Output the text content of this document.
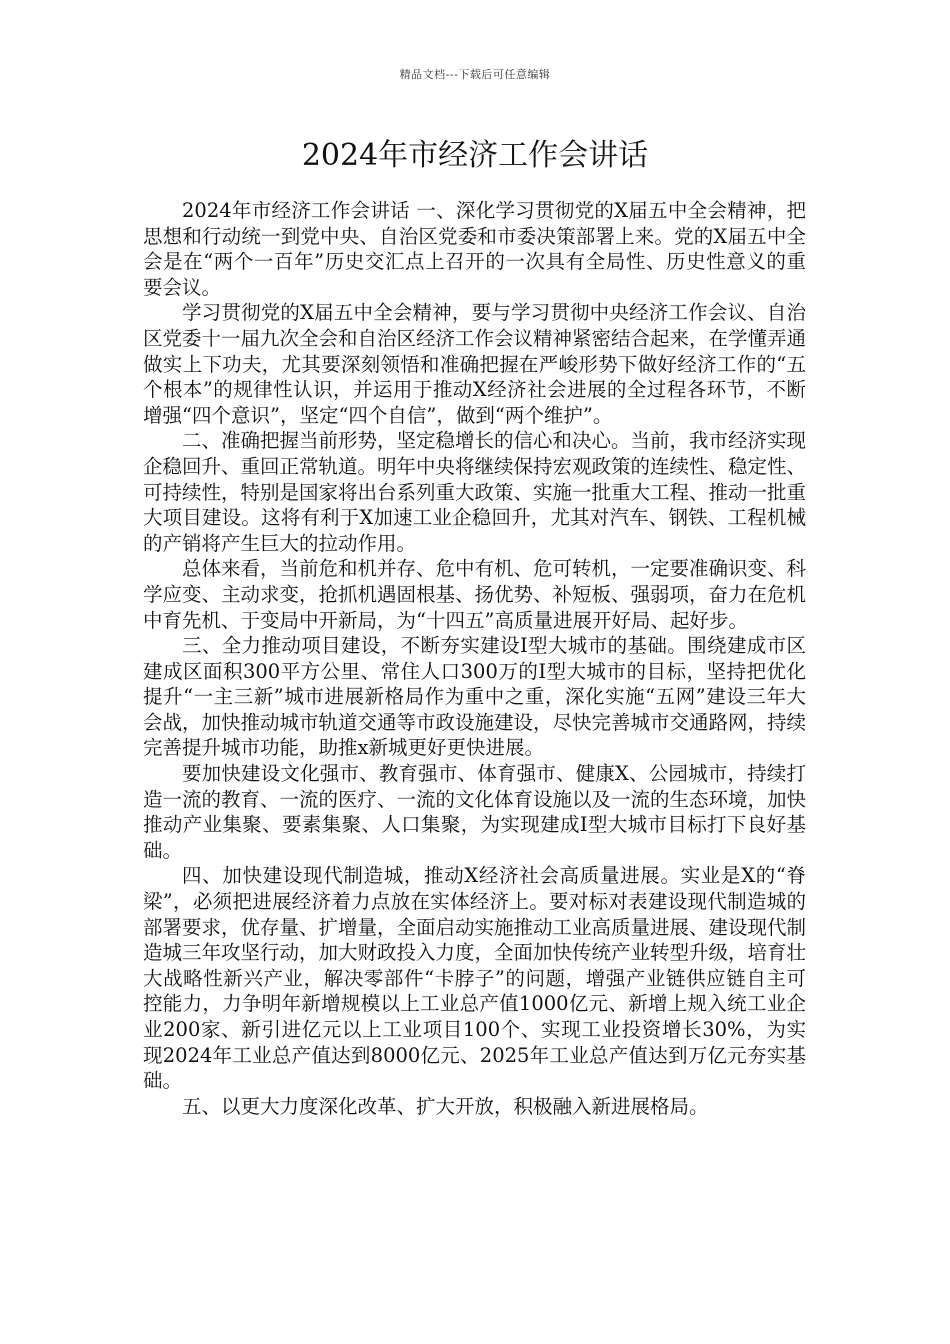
精品文档---下载后可任意编辑
2024年市经济工作会讲话

2024年市经济工作会讲话 一、深化学习贯彻党的X届五中全会精神，把思想和行动统一到党中央、自治区党委和市委决策部署上来。党的X届五中全会是在“两个一百年”历史交汇点上召开的一次具有全局性、历史性意义的重要会议。

学习贯彻党的X届五中全会精神，要与学习贯彻中央经济工作会议、自治区党委十一届九次全会和自治区经济工作会议精神紧密结合起来，在学懂弄通做实上下功夫，尤其要深刻领悟和准确把握在严峻形势下做好经济工作的“五个根本”的规律性认识，并运用于推动X经济社会进展的全过程各环节，不断增强“四个意识”，坚定“四个自信”，做到“两个维护”。

二、准确把握当前形势，坚定稳增长的信心和决心。当前，我市经济实现企稳回升、重回正常轨道。明年中央将继续保持宏观政策的连续性、稳定性、可持续性，特别是国家将出台系列重大政策、实施一批重大工程、推动一批重大项目建设。这将有利于X加速工业企稳回升，尤其对汽车、钢铁、工程机械的产销将产生巨大的拉动作用。

总体来看，当前危和机并存、危中有机、危可转机，一定要准确识变、科学应变、主动求变，抢抓机遇固根基、扬优势、补短板、强弱项，奋力在危机中育先机、于变局中开新局，为“十四五”高质量进展开好局、起好步。

三、全力推动项目建设，不断夯实建设I型大城市的基础。围绕建成市区建成区面积300平方公里、常住人口300万的I型大城市的目标，坚持把优化提升“一主三新”城市进展新格局作为重中之重，深化实施“五网”建设三年大会战，加快推动城市轨道交通等市政设施建设，尽快完善城市交通路网，持续完善提升城市功能，助推x新城更好更快进展。

要加快建设文化强市、教育强市、体育强市、健康X、公园城市，持续打造一流的教育、一流的医疗、一流的文化体育设施以及一流的生态环境，加快推动产业集聚、要素集聚、人口集聚，为实现建成I型大城市目标打下良好基础。

四、加快建设现代制造城，推动X经济社会高质量进展。实业是X的“脊梁”，必须把进展经济着力点放在实体经济上。要对标对表建设现代制造城的部署要求，优存量、扩增量，全面启动实施推动工业高质量进展、建设现代制造城三年攻坚行动，加大财政投入力度，全面加快传统产业转型升级，培育壮大战略性新兴产业，解决零部件“卡脖子”的问题，增强产业链供应链自主可控能力，力争明年新增规模以上工业总产值1000亿元、新增上规入统工业企业200家、新引进亿元以上工业项目100个、实现工业投资增长30%，为实现2024年工业总产值达到8000亿元、2025年工业总产值达到万亿元夯实基础。

五、以更大力度深化改革、扩大开放，积极融入新进展格局。
